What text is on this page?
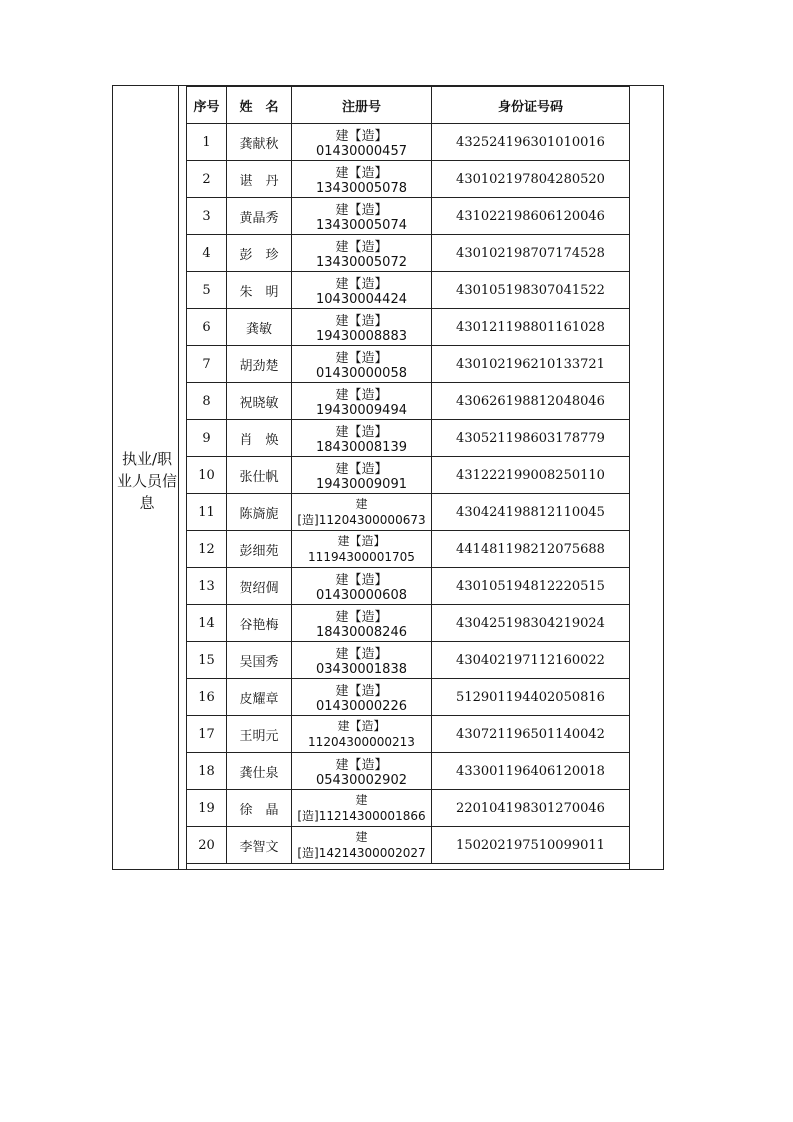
执业/职业人员信息
序号	姓　名	注册号	身份证号码
1	龚献秋	建【造】01430000457	432524196301010016
2	谌　丹	建【造】13430005078	430102197804280520
3	黄晶秀	建【造】13430005074	431022198606120046
4	彭　珍	建【造】13430005072	430102198707174528
5	朱　明	建【造】10430004424	430105198307041522
6	龚敏	建【造】19430008883	430121198801161028
7	胡劲楚	建【造】01430000058	430102196210133721
8	祝晓敏	建【造】19430009494	430626198812048046
9	肖　焕	建【造】18430008139	430521198603178779
10	张仕帆	建【造】19430009091	431222199008250110
11	陈旖旎	建[造]11204300000673	430424198812110045
12	彭细苑	建【造】11194300001705	441481198212075688
13	贺绍倜	建【造】01430000608	430105194812220515
14	谷艳梅	建【造】18430008246	430425198304219024
15	吴国秀	建【造】03430001838	430402197112160022
16	皮耀章	建【造】01430000226	512901194402050816
17	王明元	建【造】11204300000213	430721196501140042
18	龚仕泉	建【造】05430002902	433001196406120018
19	徐　晶	建[造]11214300001866	220104198301270046
20	李智文	建[造]14214300002027	150202197510099011
